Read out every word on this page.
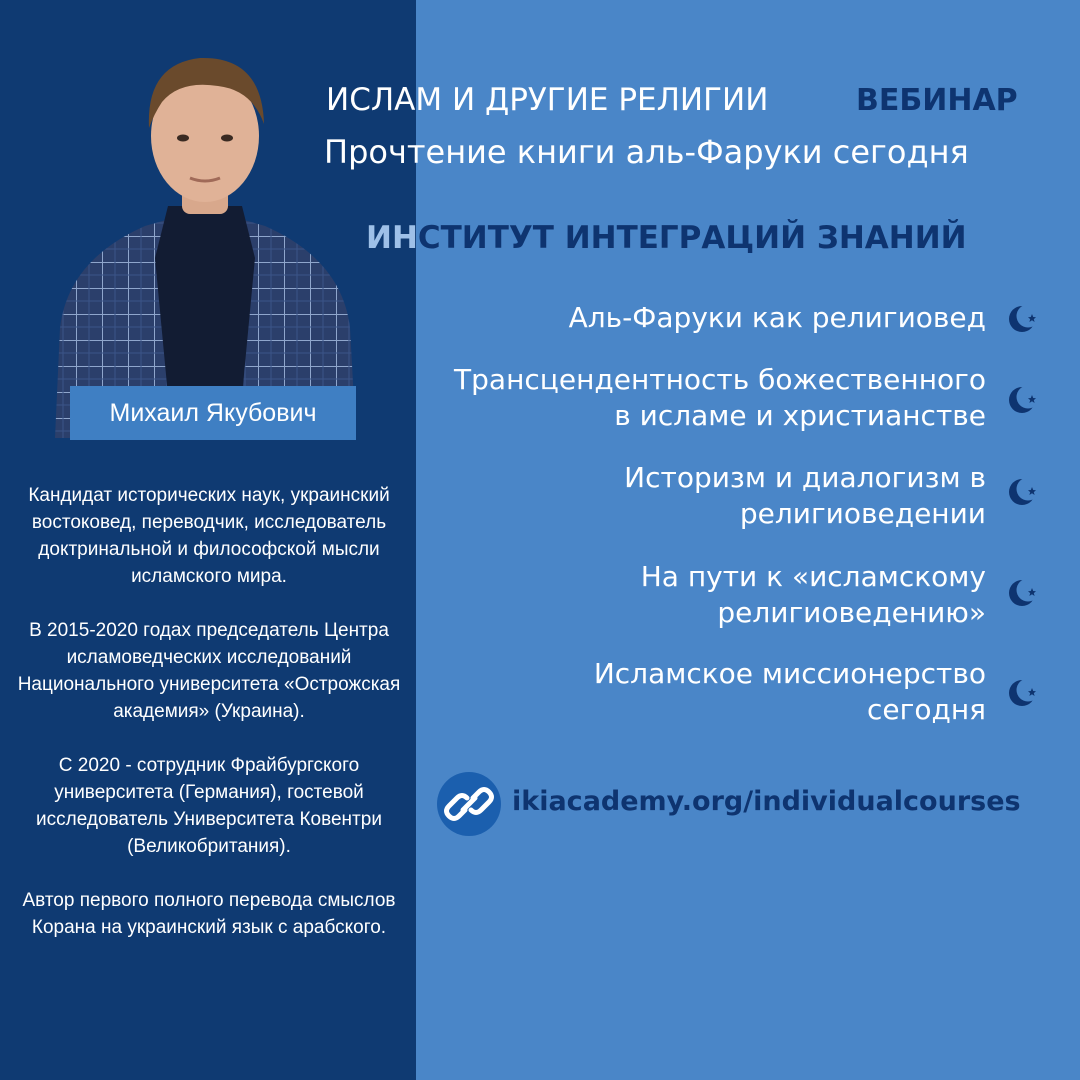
Михаил Якубович

Кандидат исторических наук, украинский востоковед, переводчик, исследователь доктринальной и философской мысли исламского мира.

В 2015-2020 годах председатель Центра исламоведческих исследований Национального университета «Острожская академия» (Украина).

С 2020 - сотрудник Фрайбургского университета (Германия), гостевой исследователь Университета Ковентри (Великобритания).

Автор первого полного перевода смыслов Корана на украинский язык с арабского.

ИСЛАМ И ДРУГИЕ РЕЛИГИИ	ВЕБИНАР
Прочтение книги аль-Фаруки сегодня
ИНСТИТУТ ИНТЕГРАЦИЙ ЗНАНИЙ
Аль-Фаруки как религиовед
Трансцендентность божественного
в исламе и христианстве
Историзм и диалогизм в
религиоведении
На пути к «исламскому
религиоведению»
Исламское миссионерство
сегодня
ikiacademy.org/individualcourses
